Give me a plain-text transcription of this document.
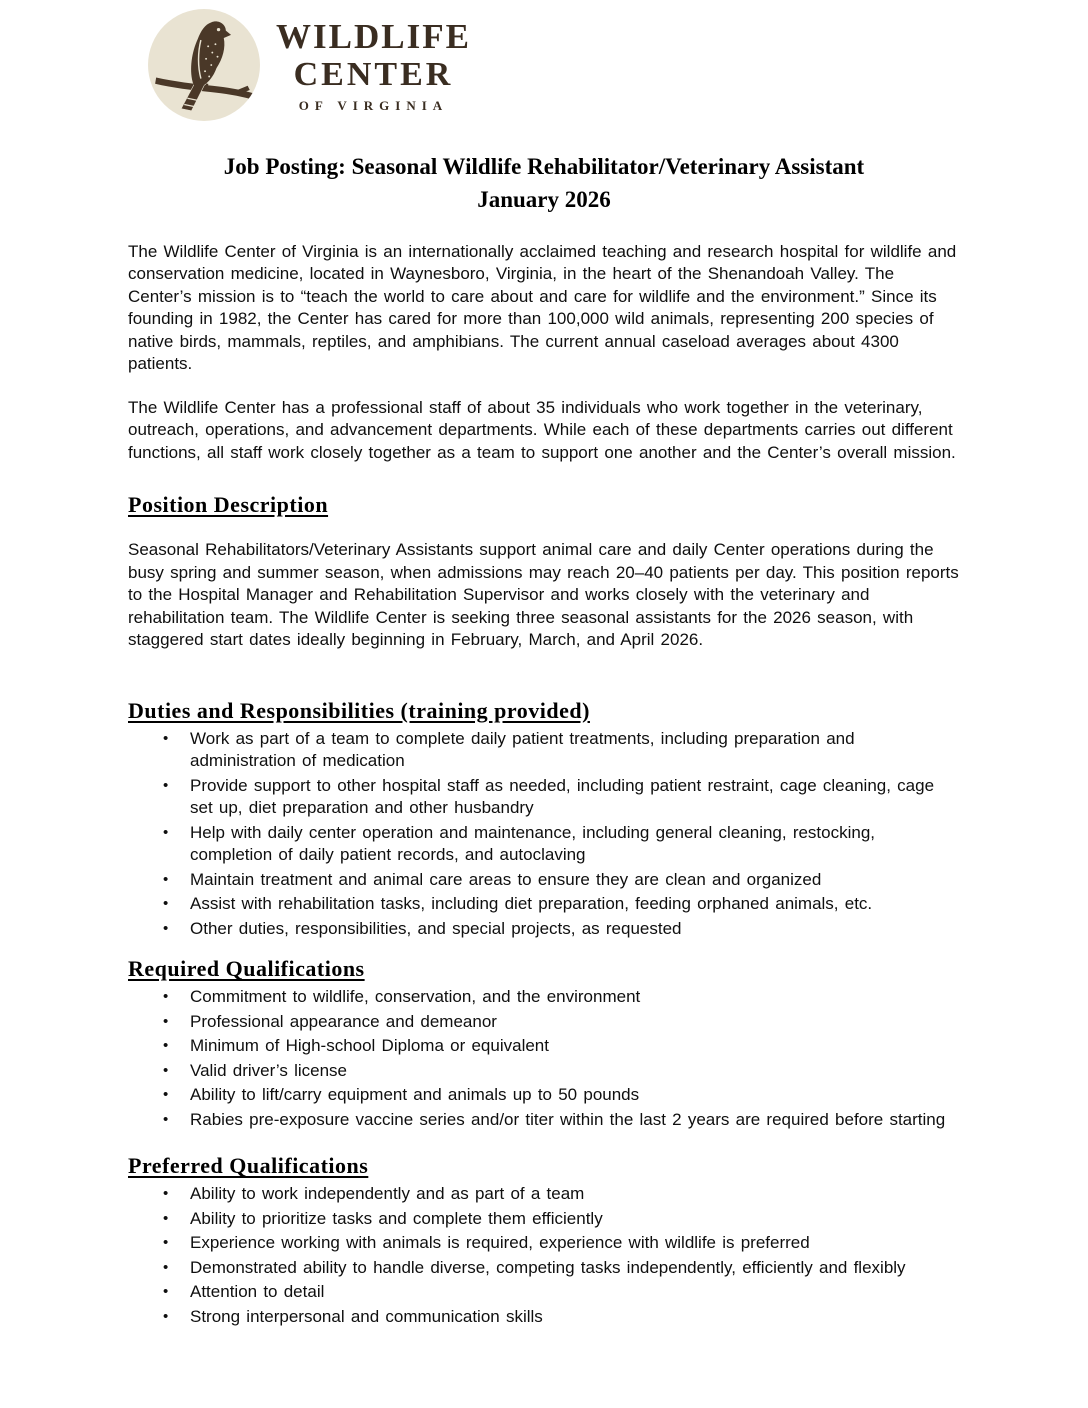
WILDLIFE
CENTER
OF VIRGINIA
Job Posting: Seasonal Wildlife Rehabilitator/Veterinary Assistant
January 2026

The Wildlife Center of Virginia is an internationally acclaimed teaching and research hospital for wildlife and conservation medicine, located in Waynesboro, Virginia, in the heart of the Shenandoah Valley. The Center’s mission is to “teach the world to care about and care for wildlife and the environment.” Since its founding in 1982, the Center has cared for more than 100,000 wild animals, representing 200 species of native birds, mammals, reptiles, and amphibians. The current annual caseload averages about 4300 patients.

The Wildlife Center has a professional staff of about 35 individuals who work together in the veterinary, outreach, operations, and advancement departments. While each of these departments carries out different functions, all staff work closely together as a team to support one another and the Center’s overall mission.

Position Description

Seasonal Rehabilitators/Veterinary Assistants support animal care and daily Center operations during the busy spring and summer season, when admissions may reach 20–40 patients per day. This position reports to the Hospital Manager and Rehabilitation Supervisor and works closely with the veterinary and rehabilitation team. The Wildlife Center is seeking three seasonal assistants for the 2026 season, with staggered start dates ideally beginning in February, March, and April 2026.

Duties and Responsibilities (training provided)
• Work as part of a team to complete daily patient treatments, including preparation and administration of medication
• Provide support to other hospital staff as needed, including patient restraint, cage cleaning, cage set up, diet preparation and other husbandry
• Help with daily center operation and maintenance, including general cleaning, restocking, completion of daily patient records, and autoclaving
• Maintain treatment and animal care areas to ensure they are clean and organized
• Assist with rehabilitation tasks, including diet preparation, feeding orphaned animals, etc.
• Other duties, responsibilities, and special projects, as requested
Required Qualifications
• Commitment to wildlife, conservation, and the environment
• Professional appearance and demeanor
• Minimum of High-school Diploma or equivalent
• Valid driver’s license
• Ability to lift/carry equipment and animals up to 50 pounds
• Rabies pre-exposure vaccine series and/or titer within the last 2 years are required before starting
Preferred Qualifications
• Ability to work independently and as part of a team
• Ability to prioritize tasks and complete them efficiently
• Experience working with animals is required, experience with wildlife is preferred
• Demonstrated ability to handle diverse, competing tasks independently, efficiently and flexibly
• Attention to detail
• Strong interpersonal and communication skills
